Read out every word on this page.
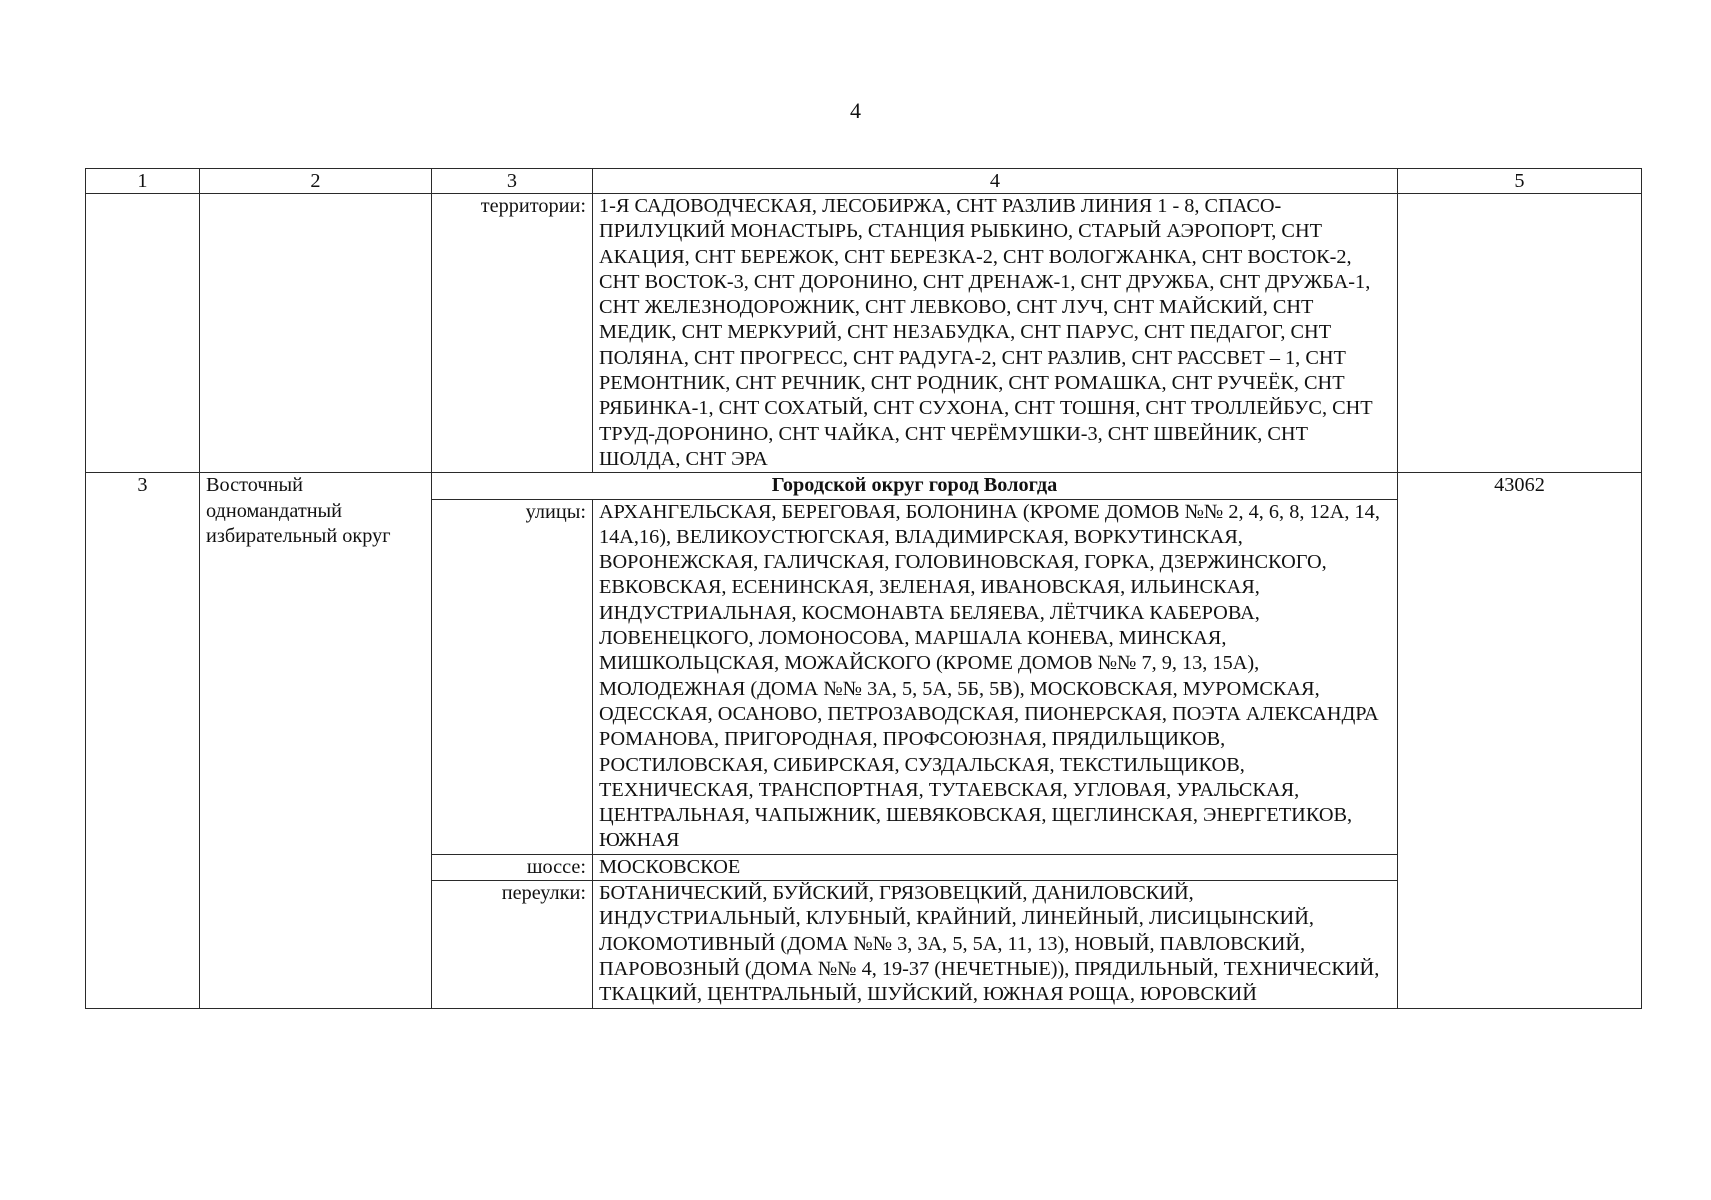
4
1	2	3	4	5
		территории:	1-Я САДОВОДЧЕСКАЯ, ЛЕСОБИРЖА, СНТ РАЗЛИВ ЛИНИЯ 1 - 8, СПАСО-ПРИЛУЦКИЙ МОНАСТЫРЬ, СТАНЦИЯ РЫБКИНО, СТАРЫЙ АЭРОПОРТ, СНТ АКАЦИЯ, СНТ БЕРЕЖОК, СНТ БЕРЕЗКА-2, СНТ ВОЛОГЖАНКА, СНТ ВОСТОК-2, СНТ ВОСТОК-3, СНТ ДОРОНИНО, СНТ ДРЕНАЖ-1, СНТ ДРУЖБА, СНТ ДРУЖБА-1, СНТ ЖЕЛЕЗНОДОРОЖНИК, СНТ ЛЕВКОВО, СНТ ЛУЧ, СНТ МАЙСКИЙ, СНТ МЕДИК, СНТ МЕРКУРИЙ, СНТ НЕЗАБУДКА, СНТ ПАРУС, СНТ ПЕДАГОГ, СНТ ПОЛЯНА, СНТ ПРОГРЕСС, СНТ РАДУГА-2, СНТ РАЗЛИВ, СНТ РАССВЕТ – 1, СНТ РЕМОНТНИК, СНТ РЕЧНИК, СНТ РОДНИК, СНТ РОМАШКА, СНТ РУЧЕЁК, СНТ РЯБИНКА-1, СНТ СОХАТЫЙ, СНТ СУХОНА, СНТ ТОШНЯ, СНТ ТРОЛЛЕЙБУС, СНТ ТРУД-ДОРОНИНО, СНТ ЧАЙКА, СНТ ЧЕРЁМУШКИ-3, СНТ ШВЕЙНИК, СНТ ШОЛДА, СНТ ЭРА	
3	Восточный одномандатный избирательный округ	Городской округ город Вологда		43062
		улицы:	АРХАНГЕЛЬСКАЯ, БЕРЕГОВАЯ, БОЛОНИНА (КРОМЕ ДОМОВ №№ 2, 4, 6, 8, 12А, 14, 14А,16), ВЕЛИКОУСТЮГСКАЯ, ВЛАДИМИРСКАЯ, ВОРКУТИНСКАЯ, ВОРОНЕЖСКАЯ, ГАЛИЧСКАЯ, ГОЛОВИНОВСКАЯ, ГОРКА, ДЗЕРЖИНСКОГО, ЕВКОВСКАЯ, ЕСЕНИНСКАЯ, ЗЕЛЕНАЯ, ИВАНОВСКАЯ, ИЛЬИНСКАЯ, ИНДУСТРИАЛЬНАЯ, КОСМОНАВТА БЕЛЯЕВА, ЛЁТЧИКА КАБЕРОВА, ЛОВЕНЕЦКОГО, ЛОМОНОСОВА, МАРШАЛА КОНЕВА, МИНСКАЯ, МИШКОЛЬЦСКАЯ, МОЖАЙСКОГО (КРОМЕ ДОМОВ №№ 7, 9, 13, 15А), МОЛОДЕЖНАЯ (ДОМА №№ 3А, 5, 5А, 5Б, 5В), МОСКОВСКАЯ, МУРОМСКАЯ, ОДЕССКАЯ, ОСАНОВО, ПЕТРОЗАВОДСКАЯ, ПИОНЕРСКАЯ, ПОЭТА АЛЕКСАНДРА РОМАНОВА, ПРИГОРОДНАЯ, ПРОФСОЮЗНАЯ, ПРЯДИЛЬЩИКОВ, РОСТИЛОВСКАЯ, СИБИРСКАЯ, СУЗДАЛЬСКАЯ, ТЕКСТИЛЬЩИКОВ, ТЕХНИЧЕСКАЯ, ТРАНСПОРТНАЯ, ТУТАЕВСКАЯ, УГЛОВАЯ, УРАЛЬСКАЯ, ЦЕНТРАЛЬНАЯ, ЧАПЫЖНИК, ШЕВЯКОВСКАЯ, ЩЕГЛИНСКАЯ, ЭНЕРГЕТИКОВ, ЮЖНАЯ	
		шоссе:	МОСКОВСКОЕ	
		переулки:	БОТАНИЧЕСКИЙ, БУЙСКИЙ, ГРЯЗОВЕЦКИЙ, ДАНИЛОВСКИЙ, ИНДУСТРИАЛЬНЫЙ, КЛУБНЫЙ, КРАЙНИЙ, ЛИНЕЙНЫЙ, ЛИСИЦЫНСКИЙ, ЛОКОМОТИВНЫЙ (ДОМА №№ 3, 3А, 5, 5А, 11, 13), НОВЫЙ, ПАВЛОВСКИЙ, ПАРОВОЗНЫЙ (ДОМА №№ 4, 19-37 (НЕЧЕТНЫЕ)), ПРЯДИЛЬНЫЙ, ТЕХНИЧЕСКИЙ, ТКАЦКИЙ, ЦЕНТРАЛЬНЫЙ, ШУЙСКИЙ, ЮЖНАЯ РОЩА, ЮРОВСКИЙ	
